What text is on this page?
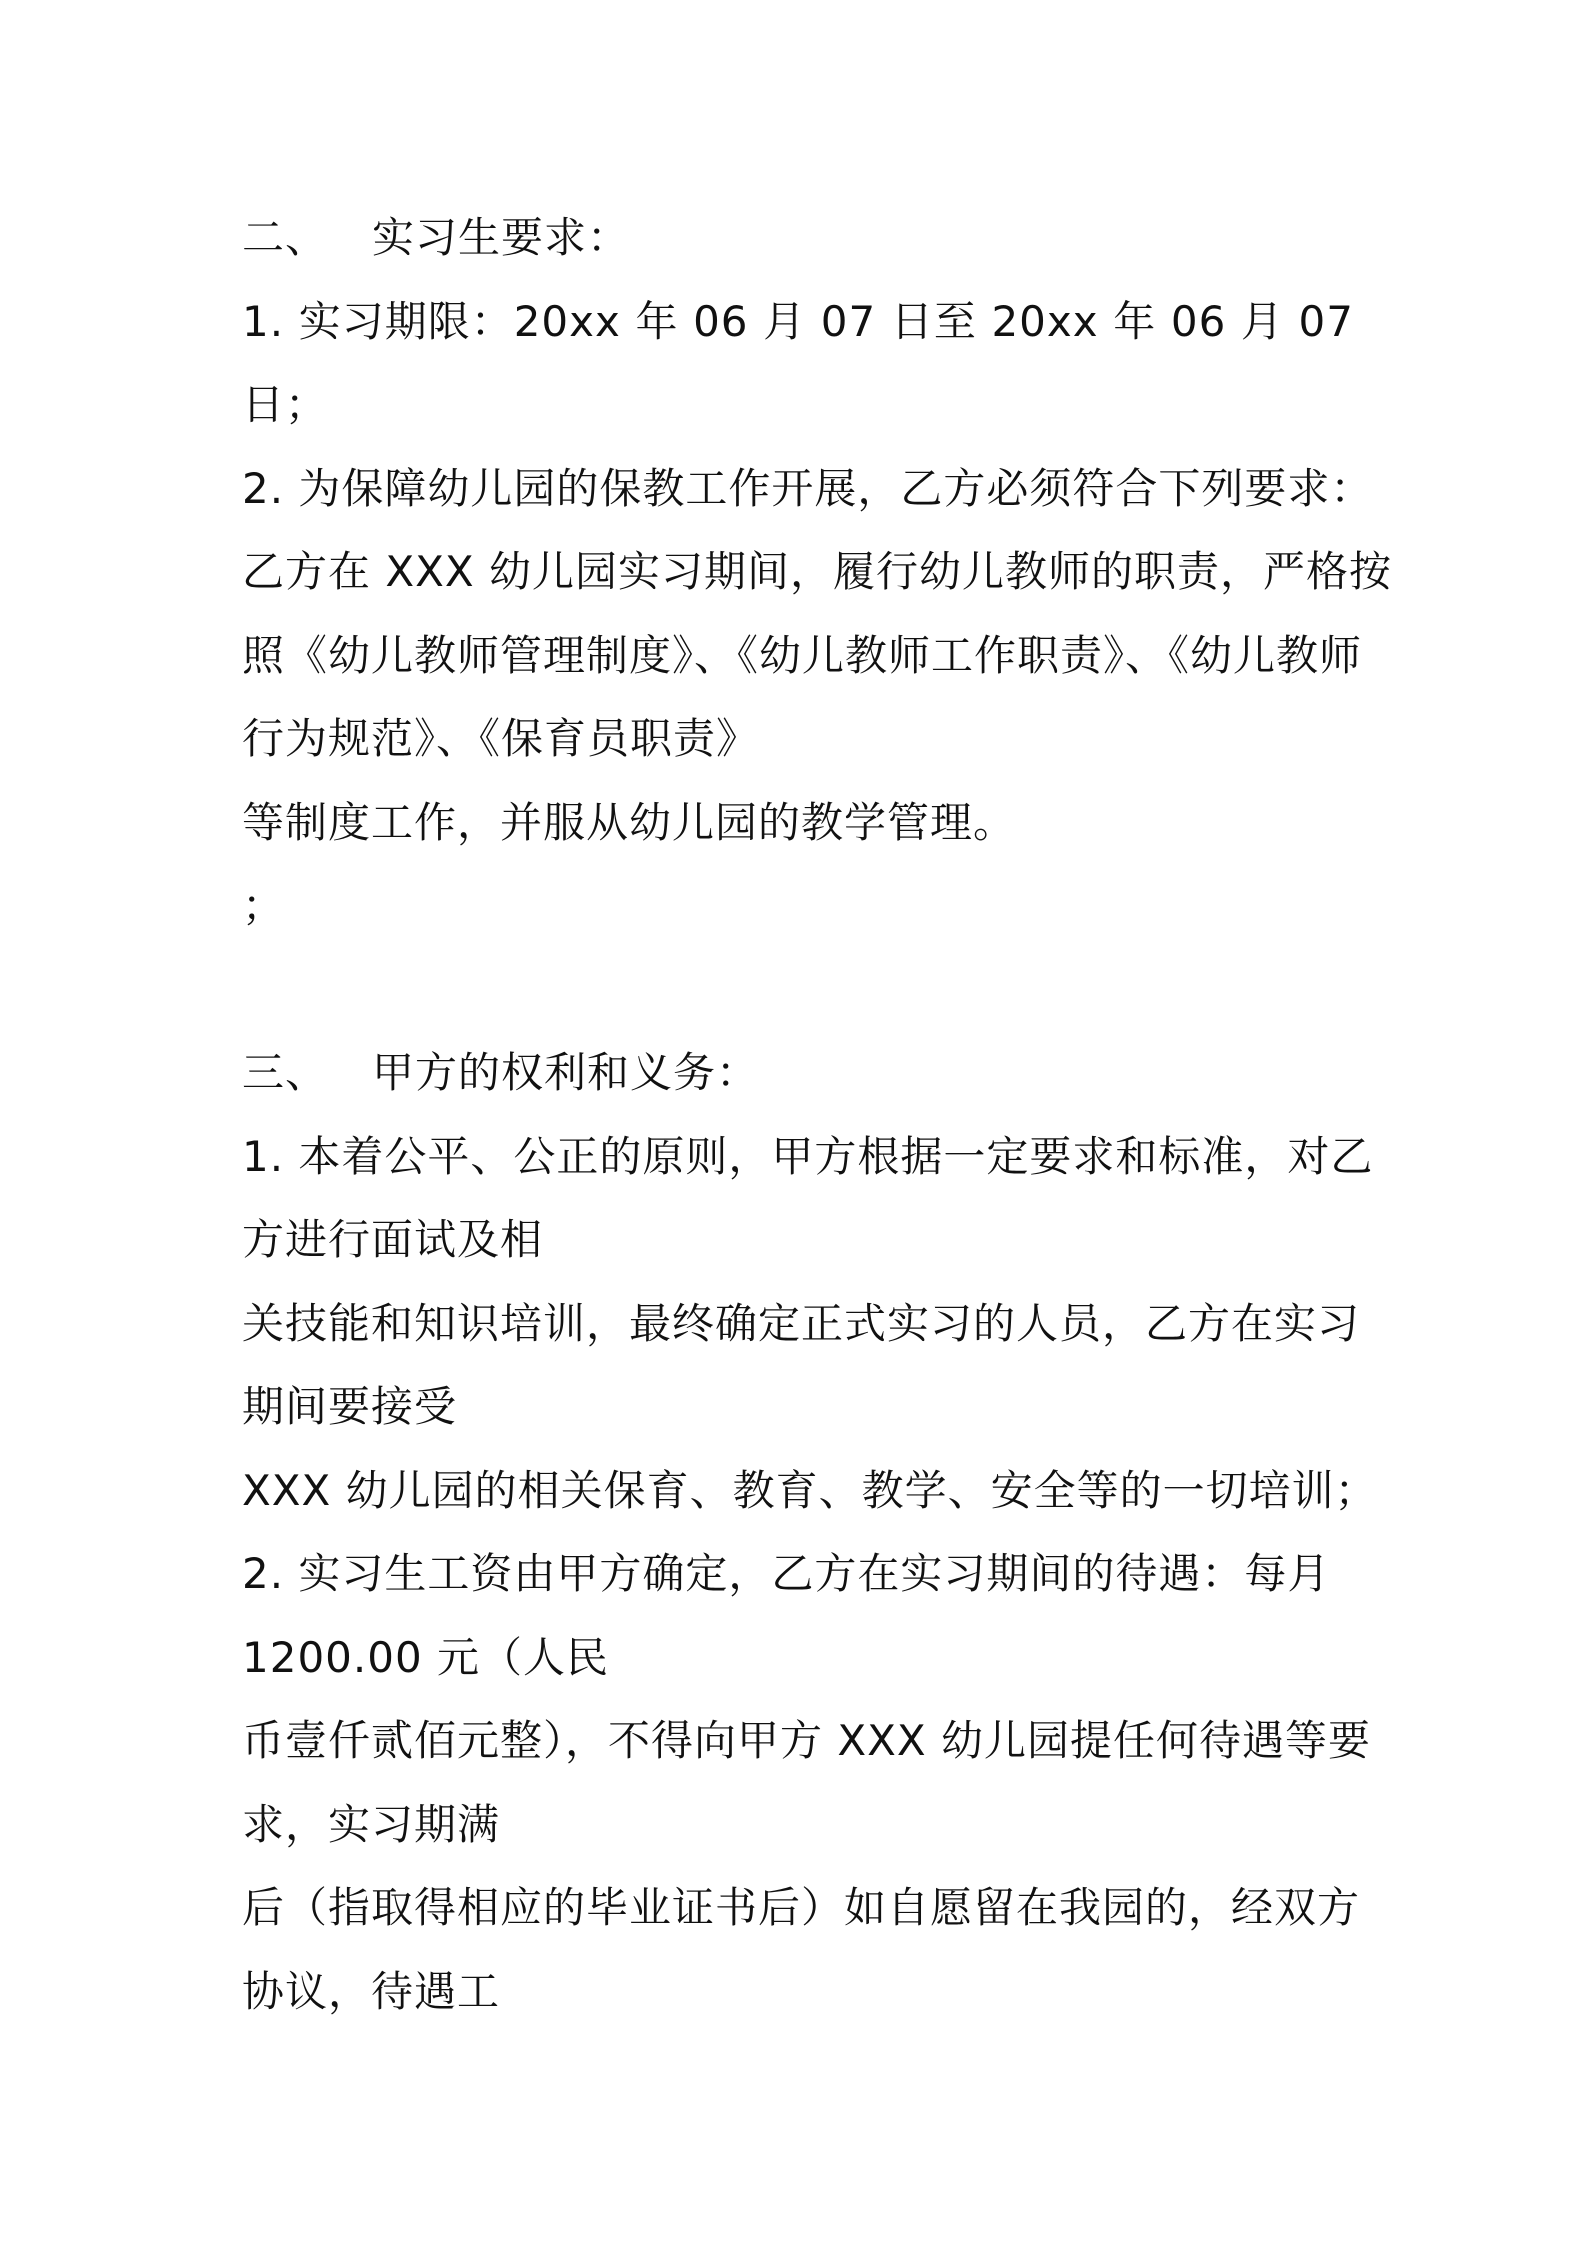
二、 实习生要求：
1. 实习期限：20xx 年 06 月 07 日至 20xx 年 06 月 07
日；
2. 为保障幼儿园的保教工作开展，乙方必须符合下列要求：
乙方在 XXX 幼儿园实习期间，履行幼儿教师的职责，严格按
照《幼儿教师管理制度》、《幼儿教师工作职责》、《幼儿教师
行为规范》、《保育员职责》
等制度工作，并服从幼儿园的教学管理。
；
三、 甲方的权利和义务：
1. 本着公平、公正的原则，甲方根据一定要求和标准，对乙
方进行面试及相
关技能和知识培训，最终确定正式实习的人员，乙方在实习
期间要接受
XXX 幼儿园的相关保育、教育、教学、安全等的一切培训；
2. 实习生工资由甲方确定，乙方在实习期间的待遇：每月
1200.00 元（人民
币壹仟贰佰元整），不得向甲方 XXX 幼儿园提任何待遇等要
求，实习期满
后（指取得相应的毕业证书后）如自愿留在我园的，经双方
协议，待遇工
